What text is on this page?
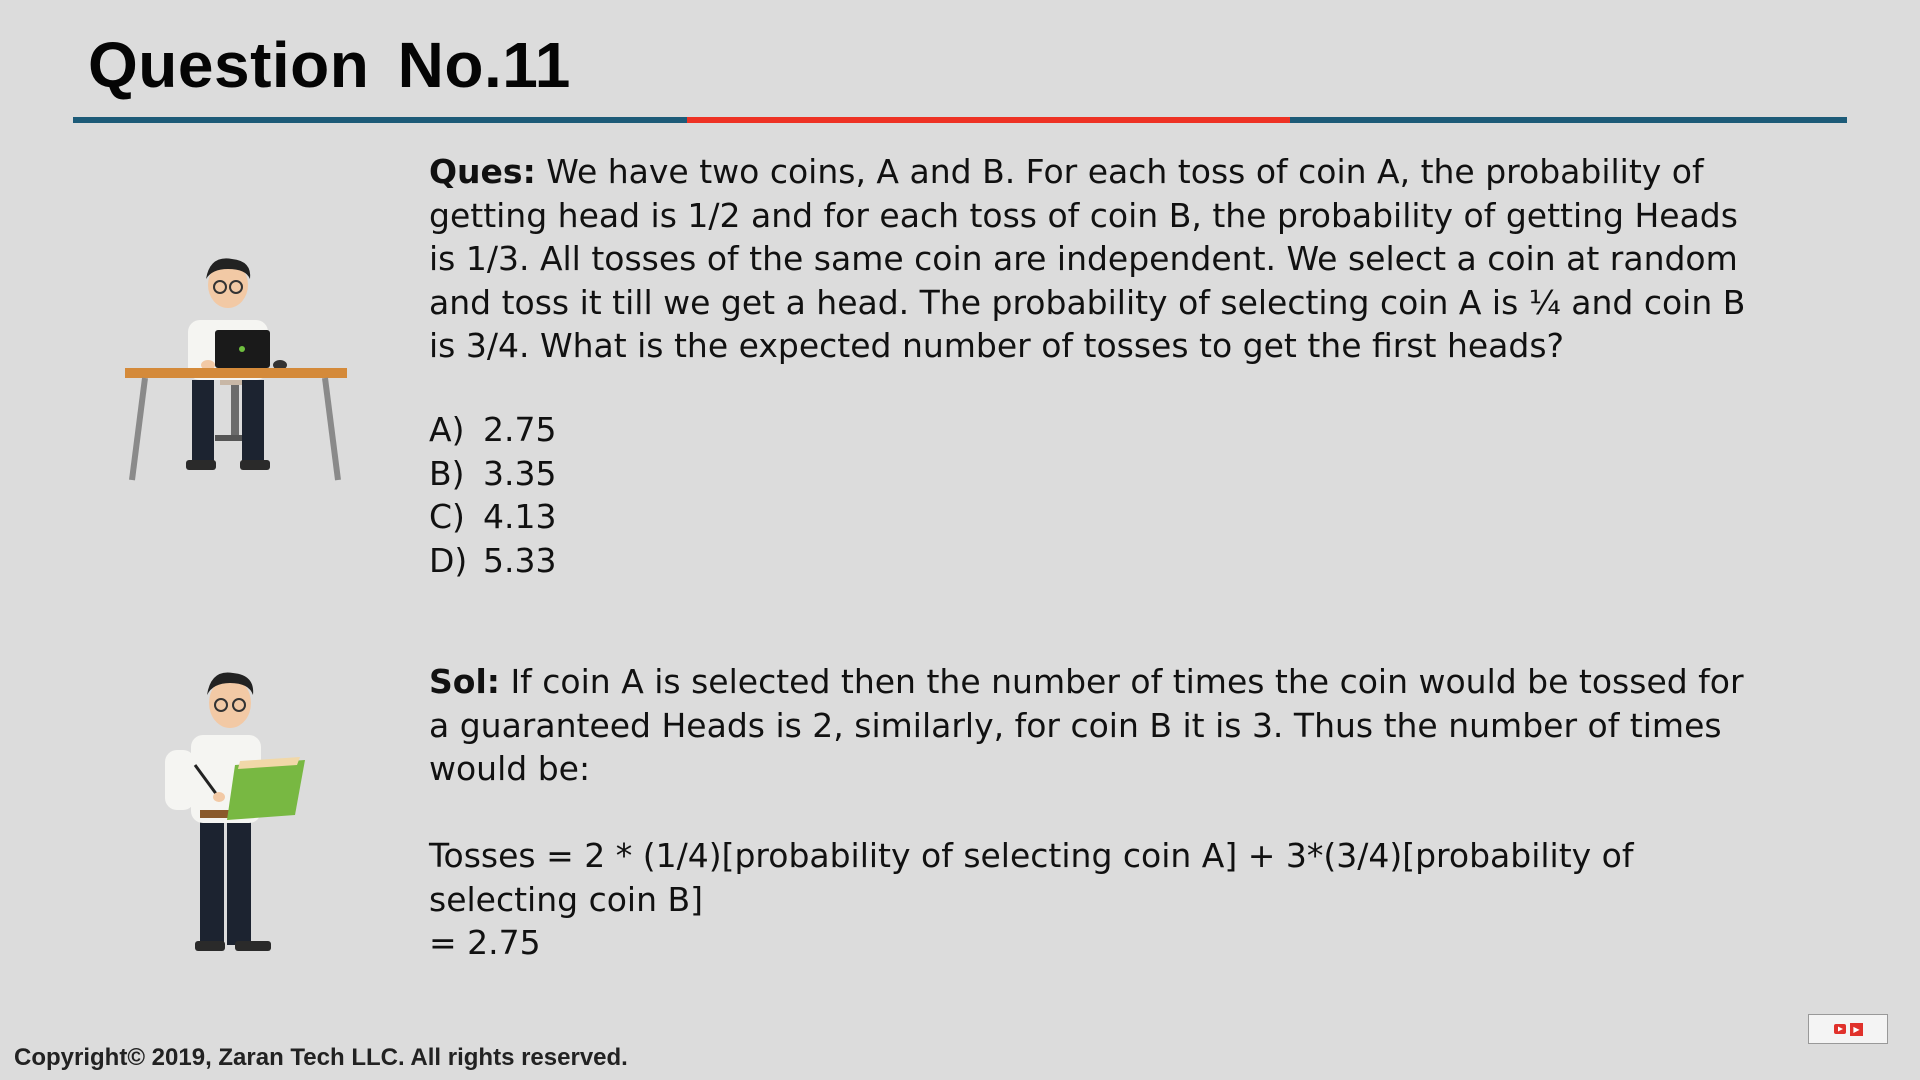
Question No.11
Ques: We have two coins, A and B. For each toss of coin A, the probability of getting head is 1/2 and for each toss of coin B, the probability of getting Heads is 1/3. All tosses of the same coin are independent. We select a coin at random and toss it till we get a head. The probability of selecting coin A is ¼ and coin B is 3/4. What is the expected number of tosses to get the first heads?
A) 2.75
B) 3.35
C) 4.13
D) 5.33
Sol: If coin A is selected then the number of times the coin would be tossed for a guaranteed Heads is 2, similarly, for coin B it is 3. Thus the number of times would be:
Tosses = 2 * (1/4)[probability of selecting coin A] + 3*(3/4)[probability of selecting coin B]
= 2.75
Copyright© 2019, Zaran Tech LLC. All rights reserved.
▶
